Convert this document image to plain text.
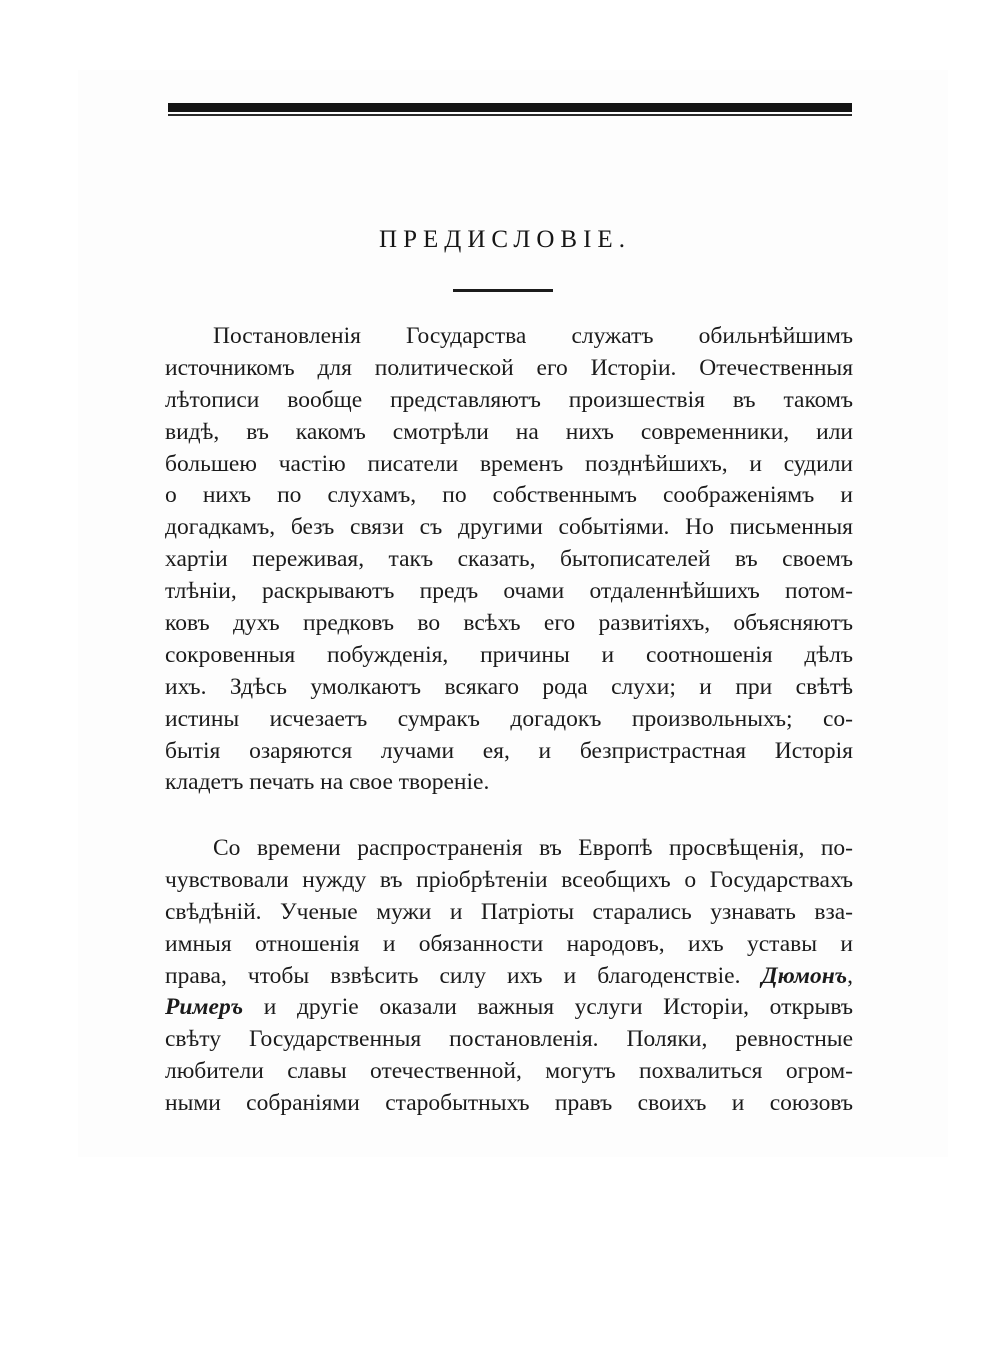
ПРЕДИСЛОВІЕ.
Постановленія Государства служатъ обильнѣйшимъ
источникомъ для политической его Исторіи. Отечественныя
лѣтописи вообще представляютъ произшествія въ такомъ
видѣ, въ какомъ смотрѣли на нихъ современники, или
большею частію писатели временъ позднѣйшихъ, и судили
о нихъ по слухамъ, по собственнымъ соображеніямъ и
догадкамъ, безъ связи съ другими событіями. Но письменныя
хартіи переживая, такъ сказать, бытописателей въ своемъ
тлѣніи, раскрываютъ предъ очами отдаленнѣйшихъ потом-
ковъ духъ предковъ во всѣхъ его развитіяхъ, объясняютъ
сокровенныя побужденія, причины и соотношенія дѣлъ
ихъ. Здѣсь умолкаютъ всякаго рода слухи; и при свѣтѣ
истины исчезаетъ сумракъ догадокъ произвольныхъ; со-
бытія озаряются лучами ея, и безпристрастная Исторія
кладетъ печать на свое твореніе.
Со времени распространенія въ Европѣ просвѣщенія, по-
чувствовали нужду въ пріобрѣтеніи всеобщихъ о Государствахъ
свѣдѣній. Ученые мужи и Патріоты старались узнавать вза-
имныя отношенія и обязанности народовъ, ихъ уставы и
права, чтобы взвѣсить силу ихъ и благоденствіе. Дюмонъ,
Римеръ и другіе оказали важныя услуги Исторіи, открывъ
свѣту Государственныя постановленія. Поляки, ревностные
любители славы отечественной, могутъ похвалиться огром-
ными собраніями старобытныхъ правъ своихъ и союзовъ
